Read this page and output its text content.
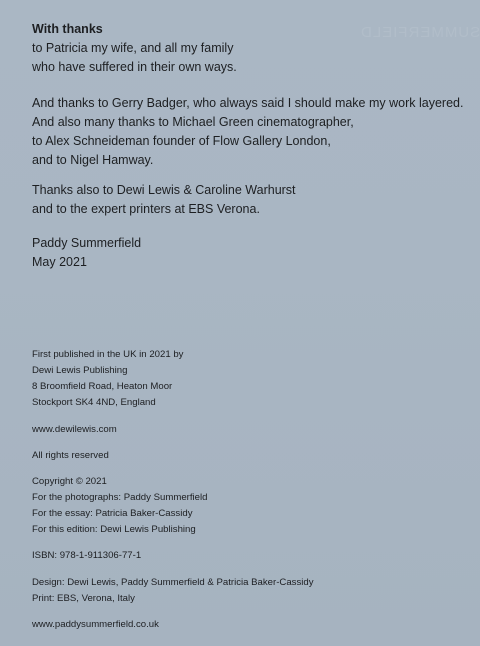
SUMMERFIELD
With thanks
to Patricia my wife, and all my family
who have suffered in their own ways.
And thanks to Gerry Badger, who always said I should make my work layered.
And also many thanks to Michael Green cinematographer,
to Alex Schneideman founder of Flow Gallery London,
and to Nigel Hamway.
Thanks also to Dewi Lewis & Caroline Warhurst
and to the expert printers at EBS Verona.
Paddy Summerfield
May 2021
First published in the UK in 2021 by
Dewi Lewis Publishing
8 Broomfield Road, Heaton Moor
Stockport SK4 4ND, England
www.dewilewis.com
All rights reserved
Copyright © 2021
For the photographs: Paddy Summerfield
For the essay: Patricia Baker-Cassidy
For this edition: Dewi Lewis Publishing
ISBN: 978-1-911306-77-1
Design: Dewi Lewis, Paddy Summerfield & Patricia Baker-Cassidy
Print: EBS, Verona, Italy
www.paddysummerfield.co.uk
